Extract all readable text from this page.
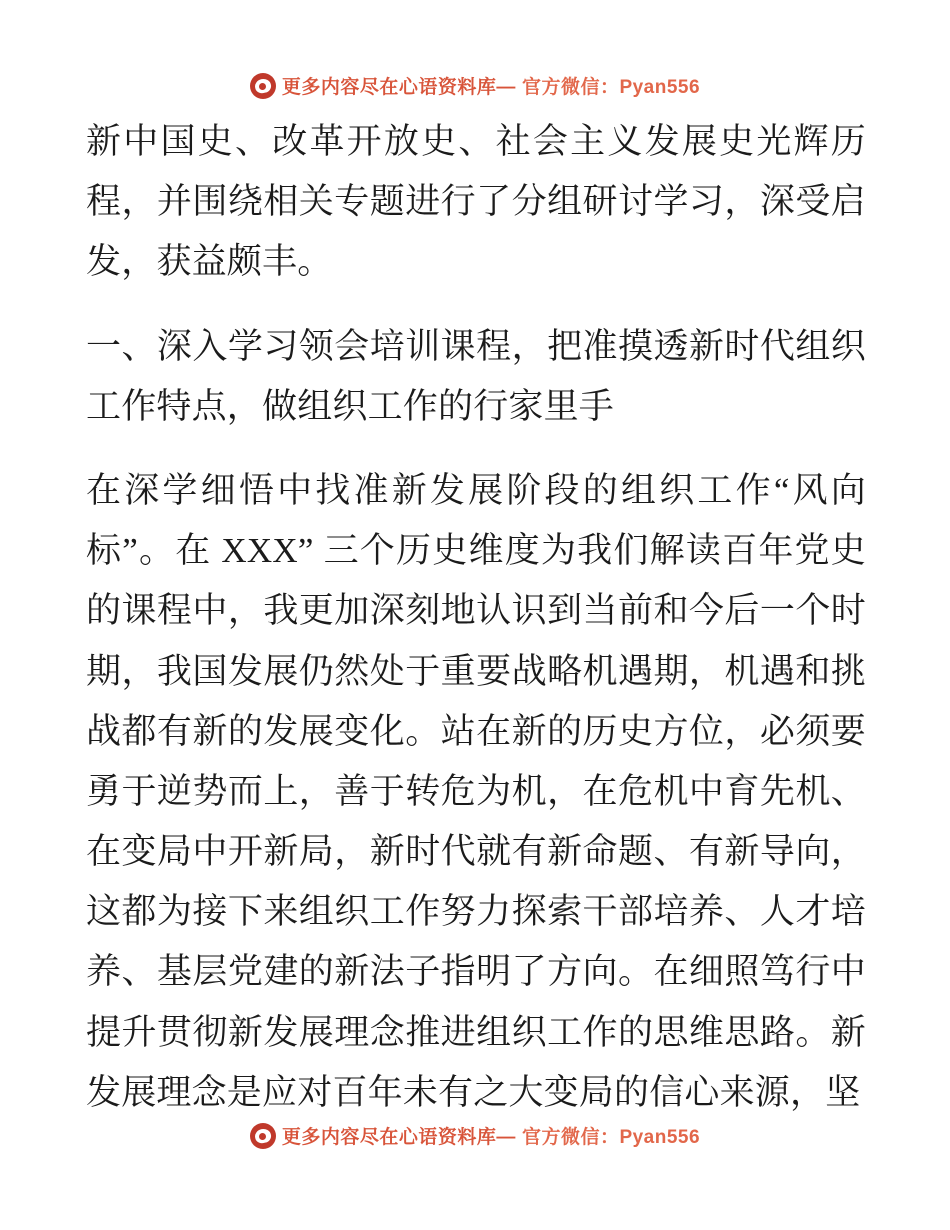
更多内容尽在心语资料库— 官方微信：Pyan556

新中国史、改革开放史、社会主义发展史光辉历程，并围绕相关专题进行了分组研讨学习，深受启发，获益颇丰。

一、深入学习领会培训课程，把准摸透新时代组织工作特点，做组织工作的行家里手

在深学细悟中找准新发展阶段的组织工作“风向标”。在 XXX” 三个历史维度为我们解读百年党史的课程中，我更加深刻地认识到当前和今后一个时期，我国发展仍然处于重要战略机遇期，机遇和挑战都有新的发展变化。站在新的历史方位，必须要勇于逆势而上，善于转危为机，在危机中育先机、在变局中开新局，新时代就有新命题、有新导向，这都为接下来组织工作努力探索干部培养、人才培养、基层党建的新法子指明了方向。在细照笃行中提升贯彻新发展理念推进组织工作的思维思路。新发展理念是应对百年未有之大变局的信心来源，坚

更多内容尽在心语资料库— 官方微信：Pyan556
